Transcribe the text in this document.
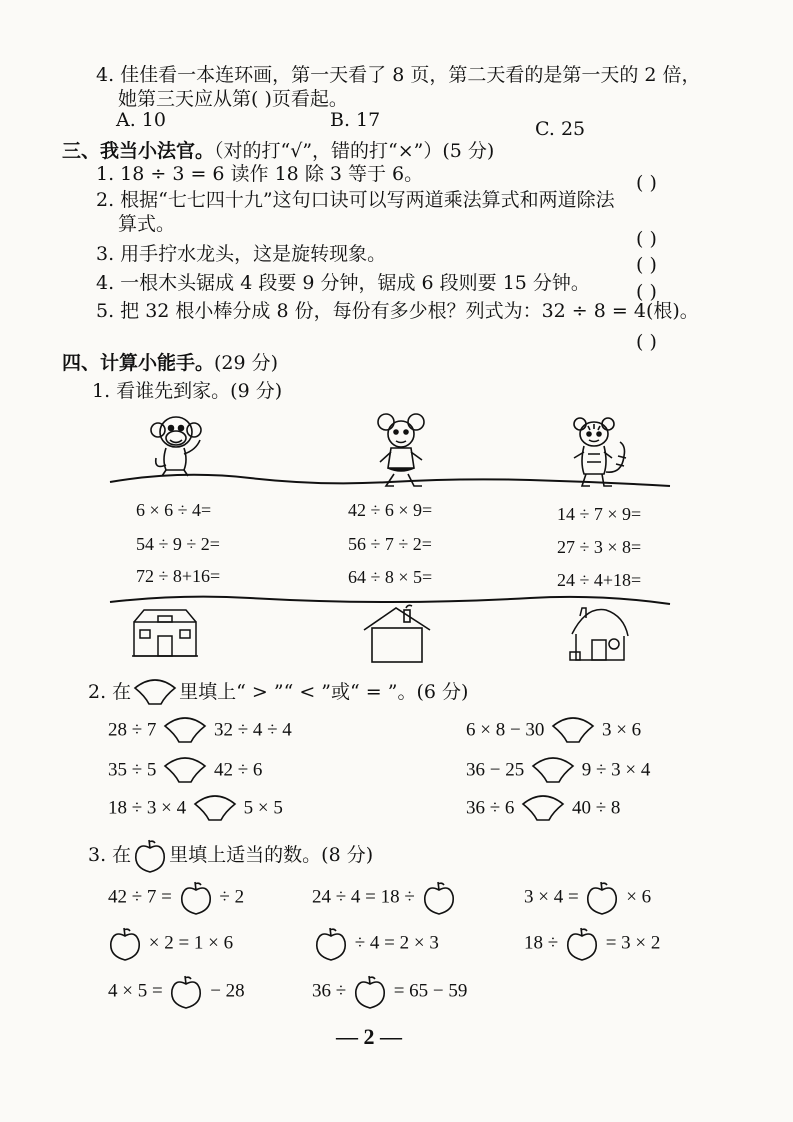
4. 佳佳看一本连环画，第一天看了 8 页，第二天看的是第一天的 2 倍，
她第三天应从第( )页看起。
A. 10	B. 17	C. 25
三、我当小法官。（对的打“√”，错的打“×”）(5 分)
1. 18 ÷ 3 = 6 读作 18 除 3 等于 6。	( )
2. 根据“七七四十九”这句口诀可以写两道乘法算式和两道除法
算式。
( )
3. 用手拧水龙头，这是旋转现象。	( )
4. 一根木头锯成 4 段要 9 分钟，锯成 6 段则要 15 分钟。 ( )
5. 把 32 根小棒分成 8 份，每份有多少根？列式为：32 ÷ 8 = 4(根)。
( )
四、计算小能手。(29 分)
1. 看谁先到家。(9 分)
6 × 6 ÷ 4=	42 ÷ 6 × 9=	14 ÷ 7 × 9=
54 ÷ 9 ÷ 2=	56 ÷ 7 ÷ 2=	27 ÷ 3 × 8=
72 ÷ 8+16=	64 ÷ 8 × 5=	24 ÷ 4+18=
2. 在	里填上“ > ”“ < ”或“ = ”。(6 分)
28 ÷ 7	32 ÷ 4 ÷ 4	6 × 8 − 30	3 × 6
35 ÷ 5	42 ÷ 6	36 − 25	9 ÷ 3 × 4
18 ÷ 3 × 4	5 × 5	36 ÷ 6	40 ÷ 8
3. 在 里填上适当的数。(8 分)
42 ÷ 7 =	÷ 2	24 ÷ 4 = 18 ÷	3 × 4 =	× 6
× 2 = 1 × 6	÷ 4 = 2 × 3	18 ÷	= 3 × 2
4 × 5 =	− 28	36 ÷	= 65 − 59
— 2 —
